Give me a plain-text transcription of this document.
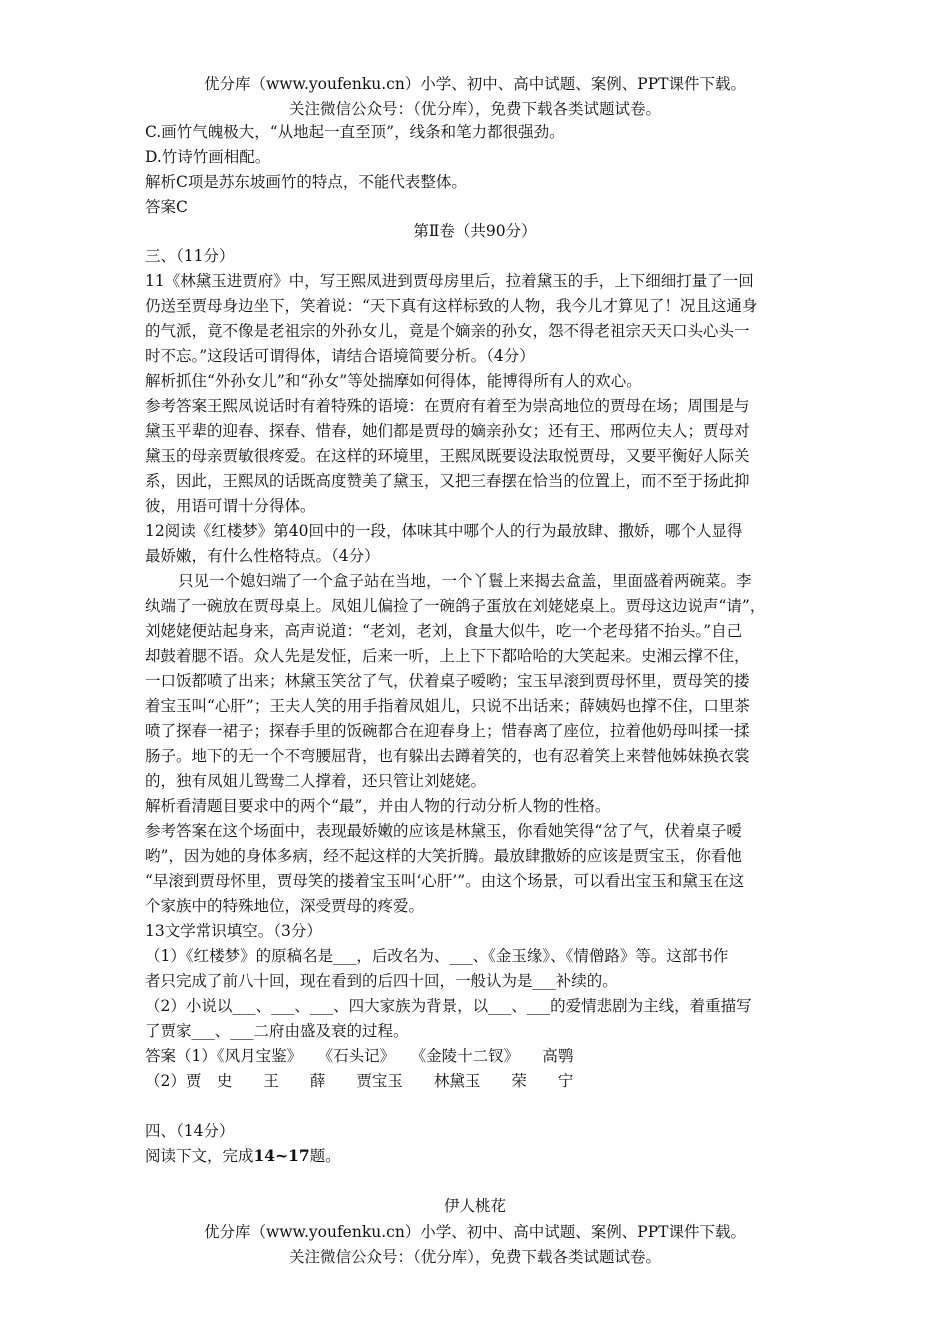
优分库（www.youfenku.cn）小学、初中、高中试题、案例、PPT课件下载。
关注微信公众号：（优分库），免费下载各类试题试卷。
C.画竹气魄极大，“从地起一直至顶”，线条和笔力都很强劲。
D.竹诗竹画相配。
解析C项是苏东坡画竹的特点，不能代表整体。
答案C
第Ⅱ卷（共90分）
三、（11分）
11《林黛玉进贾府》中，写王熙凤进到贾母房里后，拉着黛玉的手，上下细细打量了一回
仍送至贾母身边坐下，笑着说：“天下真有这样标致的人物，我今儿才算见了！况且这通身
的气派，竟不像是老祖宗的外孙女儿，竟是个嫡亲的孙女，怨不得老祖宗天天口头心头一
时不忘。”这段话可谓得体，请结合语境简要分析。（4分）
解析抓住“外孙女儿”和“孙女”等处揣摩如何得体，能博得所有人的欢心。
参考答案王熙凤说话时有着特殊的语境：在贾府有着至为崇高地位的贾母在场；周围是与
黛玉平辈的迎春、探春、惜春，她们都是贾母的嫡亲孙女；还有王、邢两位夫人；贾母对
黛玉的母亲贾敏很疼爱。在这样的环境里，王熙凤既要设法取悦贾母，又要平衡好人际关
系，因此，王熙凤的话既高度赞美了黛玉，又把三春摆在恰当的位置上，而不至于扬此抑
彼，用语可谓十分得体。
12阅读《红楼梦》第40回中的一段，体味其中哪个人的行为最放肆、撒娇，哪个人显得
最娇嫩，有什么性格特点。（4分）
只见一个媳妇端了一个盒子站在当地，一个丫鬟上来揭去盒盖，里面盛着两碗菜。李
纨端了一碗放在贾母桌上。凤姐儿偏捡了一碗鸽子蛋放在刘姥姥桌上。贾母这边说声“请”，
刘姥姥便站起身来，高声说道：“老刘，老刘，食量大似牛，吃一个老母猪不抬头。”自己
却鼓着腮不语。众人先是发怔，后来一听，上上下下都哈哈的大笑起来。史湘云撑不住，
一口饭都喷了出来；林黛玉笑岔了气，伏着桌子嗳哟；宝玉早滚到贾母怀里，贾母笑的搂
着宝玉叫“心肝”；王夫人笑的用手指着凤姐儿，只说不出话来；薛姨妈也撑不住，口里茶
喷了探春一裙子；探春手里的饭碗都合在迎春身上；惜春离了座位，拉着他奶母叫揉一揉
肠子。地下的无一个不弯腰屈背，也有躲出去蹲着笑的，也有忍着笑上来替他姊妹换衣裳
的，独有凤姐儿鸳鸯二人撑着，还只管让刘姥姥。
解析看清题目要求中的两个“最”，并由人物的行动分析人物的性格。
参考答案在这个场面中，表现最娇嫩的应该是林黛玉，你看她笑得“岔了气，伏着桌子嗳
哟”，因为她的身体多病，经不起这样的大笑折腾。最放肆撒娇的应该是贾宝玉，你看他
“早滚到贾母怀里，贾母笑的搂着宝玉叫‘心肝’”。由这个场景，可以看出宝玉和黛玉在这
个家族中的特殊地位，深受贾母的疼爱。
13文学常识填空。（3分）
（1）《红楼梦》的原稿名是___，后改名为、___、《金玉缘》、《情僧路》等。这部书作
者只完成了前八十回，现在看到的后四十回，一般认为是___补续的。
（2）小说以___、___、___、四大家族为背景，以___、___的爱情悲剧为主线，着重描写
了贾家___、___二府由盛及衰的过程。
答案（1）《风月宝鉴》　　《石头记》　　《金陵十二钗》　　高鹗
（2）贾　史　　王　　薛　　贾宝玉　　林黛玉　　荣　　宁
四、（14分）
阅读下文，完成14~17题。
伊人桃花
优分库（www.youfenku.cn）小学、初中、高中试题、案例、PPT课件下载。
关注微信公众号：（优分库），免费下载各类试题试卷。
